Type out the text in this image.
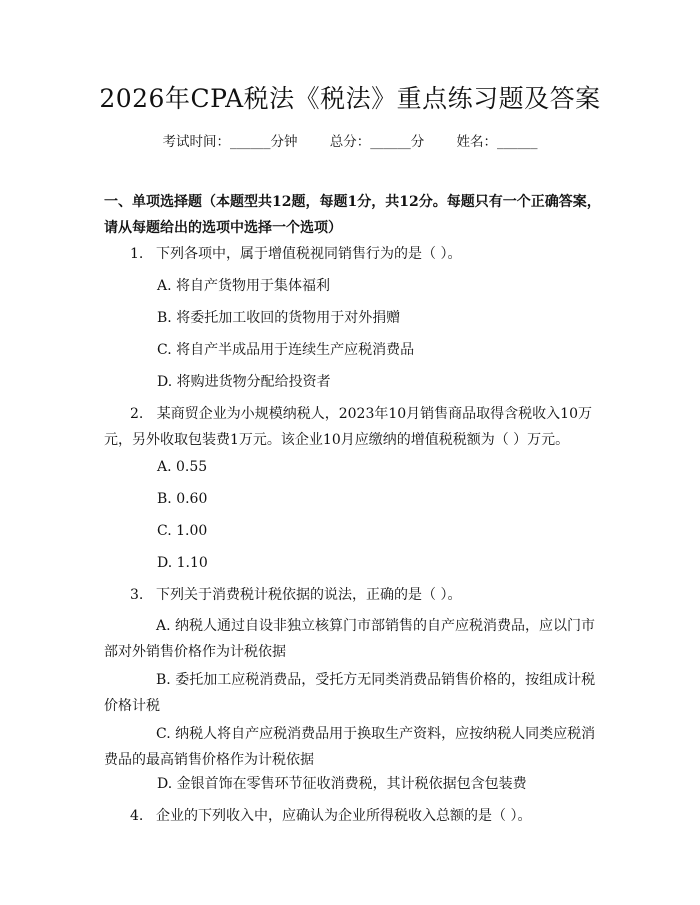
2026年CPA税法《税法》重点练习题及答案
考试时间：______分钟 总分：______分 姓名：______
一、单项选择题（本题型共12题，每题1分，共12分。每题只有一个正确答案，请从每题给出的选项中选择一个选项）
1. 下列各项中，属于增值税视同销售行为的是（ ）。
A. 将自产货物用于集体福利
B. 将委托加工收回的货物用于对外捐赠
C. 将自产半成品用于连续生产应税消费品
D. 将购进货物分配给投资者
2. 某商贸企业为小规模纳税人，2023年10月销售商品取得含税收入10万元，另外收取包装费1万元。该企业10月应缴纳的增值税税额为（ ）万元。
A. 0.55
B. 0.60
C. 1.00
D. 1.10
3. 下列关于消费税计税依据的说法，正确的是（ ）。
A. 纳税人通过自设非独立核算门市部销售的自产应税消费品，应以门市部对外销售价格作为计税依据
B. 委托加工应税消费品，受托方无同类消费品销售价格的，按组成计税价格计税
C. 纳税人将自产应税消费品用于换取生产资料，应按纳税人同类应税消费品的最高销售价格作为计税依据
D. 金银首饰在零售环节征收消费税，其计税依据包含包装费
4. 企业的下列收入中，应确认为企业所得税收入总额的是（ ）。
